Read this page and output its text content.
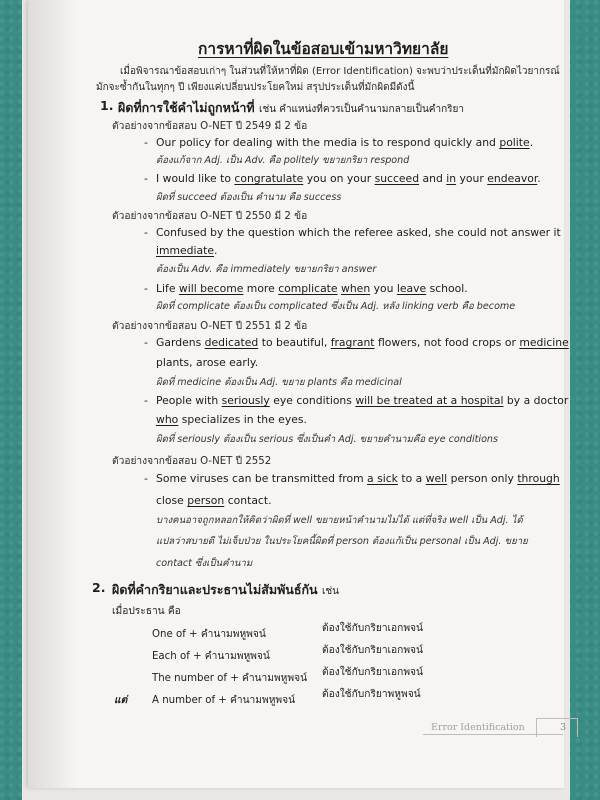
การหาที่ผิดในข้อสอบเข้ามหาวิทยาลัย
เมื่อพิจารณาข้อสอบเก่าๆ ในส่วนที่ให้หาที่ผิด (Error Identification) จะพบว่าประเด็นที่มักผิดไวยากรณ์
มักจะซ้ำกันในทุกๆ ปี เพียงแค่เปลี่ยนประโยคใหม่ สรุปประเด็นที่มักผิดมีดังนี้
1. ผิดที่การใช้คำไม่ถูกหน้าที่ เช่น คำแหน่งที่ควรเป็นคำนามกลายเป็นคำกริยา
ตัวอย่างจากข้อสอบ O-NET ปี 2549 มี 2 ข้อ
- Our policy for dealing with the media is to respond quickly and polite.
ต้องแก้จาก Adj. เป็น Adv. คือ politely ขยายกริยา respond
- I would like to congratulate you on your succeed and in your endeavor.
ผิดที่ succeed ต้องเป็น คำนาม คือ success
ตัวอย่างจากข้อสอบ O-NET ปี 2550 มี 2 ข้อ
- Confused by the question which the referee asked, she could not answer it
immediate.
ต้องเป็น Adv. คือ immediately ขยายกริยา answer
- Life will become more complicate when you leave school.
ผิดที่ complicate ต้องเป็น complicated ซึ่งเป็น Adj. หลัง linking verb คือ become
ตัวอย่างจากข้อสอบ O-NET ปี 2551 มี 2 ข้อ
- Gardens dedicated to beautiful, fragrant flowers, not food crops or medicine
plants, arose early.
ผิดที่ medicine ต้องเป็น Adj. ขยาย plants คือ medicinal
- People with seriously eye conditions will be treated at a hospital by a doctor
who specializes in the eyes.
ผิดที่ seriously ต้องเป็น serious ซึ่งเป็นคำ Adj. ขยายคำนามคือ eye conditions
ตัวอย่างจากข้อสอบ O-NET ปี 2552
- Some viruses can be transmitted from a sick to a well person only through
close person contact.
บางคนอาจถูกหลอกให้คิดว่าผิดที่ well ขยายหน้าคำนามไม่ได้ แต่ที่จริง well เป็น Adj. ได้
แปลว่าสบายดี ไม่เจ็บป่วย ในประโยคนี้ผิดที่ person ต้องแก้เป็น personal เป็น Adj. ขยาย
contact ซึ่งเป็นคำนาม
2. ผิดที่คำกริยาและประธานไม่สัมพันธ์กัน เช่น
เมื่อประธาน คือ
One of + คำนามพหูพจน์
ต้องใช้กับกริยาเอกพจน์
Each of + คำนามพหูพจน์
ต้องใช้กับกริยาเอกพจน์
The number of + คำนามพหูพจน์
ต้องใช้กับกริยาเอกพจน์
แต่ A number of + คำนามพหูพจน์
ต้องใช้กับกริยาพหูพจน์
Error Identification	3
